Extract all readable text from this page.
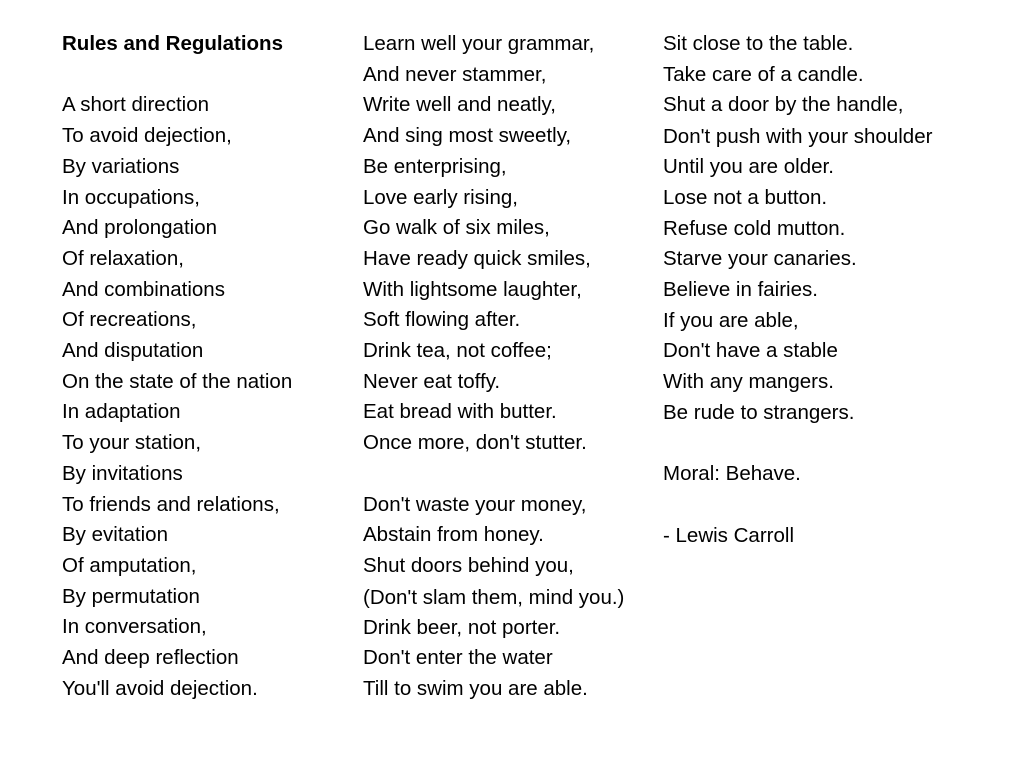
Rules and Regulations
A short direction
To avoid dejection,
By variations
In occupations,
And prolongation
Of relaxation,
And combinations
Of recreations,
And disputation
On the state of the nation
In adaptation
To your station,
By invitations
To friends and relations,
By evitation
Of amputation,
By permutation
In conversation,
And deep reflection
You'll avoid dejection.
Learn well your grammar,
And never stammer,
Write well and neatly,
And sing most sweetly,
Be enterprising,
Love early rising,
Go walk of six miles,
Have ready quick smiles,
With lightsome laughter,
Soft flowing after.
Drink tea, not coffee;
Never eat toffy.
Eat bread with butter.
Once more, don't stutter.
Don't waste your money,
Abstain from honey.
Shut doors behind you,
(Don't slam them, mind you.)
Drink beer, not porter.
Don't enter the water
Till to swim you are able.
Sit close to the table.
Take care of a candle.
Shut a door by the handle,
Don't push with your shoulder
Until you are older.
Lose not a button.
Refuse cold mutton.
Starve your canaries.
Believe in fairies.
If you are able,
Don't have a stable
With any mangers.
Be rude to strangers.
Moral: Behave.
- Lewis Carroll
